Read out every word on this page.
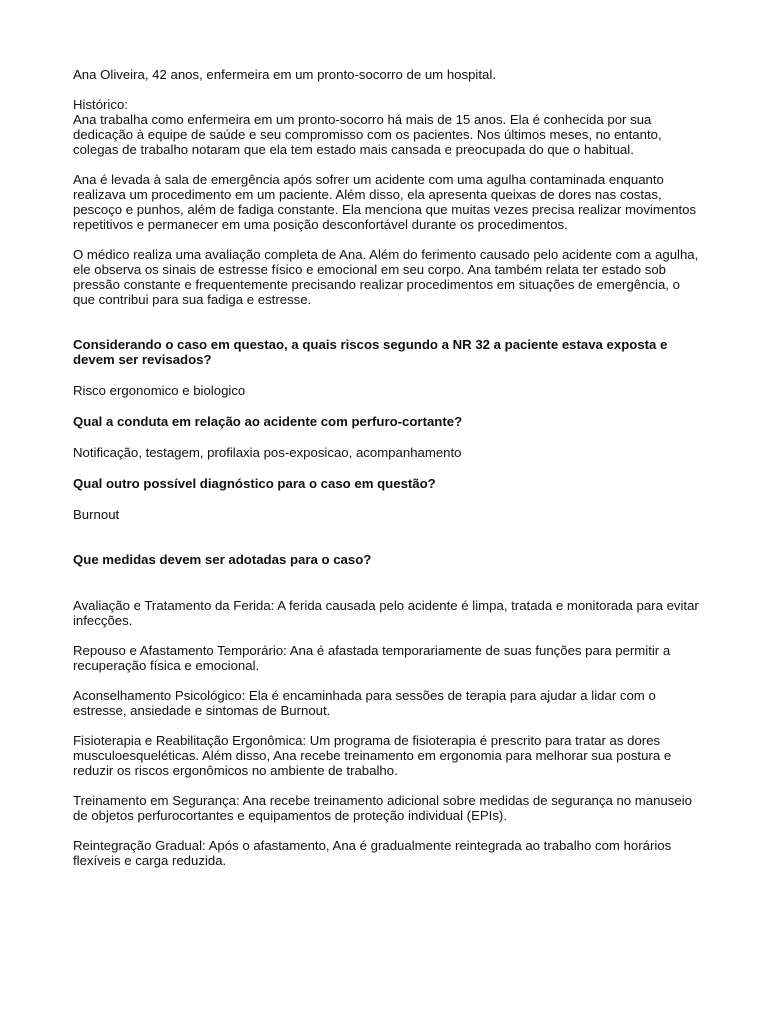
Ana Oliveira, 42 anos, enfermeira em um pronto-socorro de um hospital.

Histórico:

Ana trabalha como enfermeira em um pronto-socorro há mais de 15 anos. Ela é conhecida por sua dedicação à equipe de saúde e seu compromisso com os pacientes. Nos últimos meses, no entanto, colegas de trabalho notaram que ela tem estado mais cansada e preocupada do que o habitual.

Ana é levada à sala de emergência após sofrer um acidente com uma agulha contaminada enquanto realizava um procedimento em um paciente. Além disso, ela apresenta queixas de dores nas costas, pescoço e punhos, além de fadiga constante. Ela menciona que muitas vezes precisa realizar movimentos repetitivos e permanecer em uma posição desconfortável durante os procedimentos.

O médico realiza uma avaliação completa de Ana. Além do ferimento causado pelo acidente com a agulha, ele observa os sinais de estresse físico e emocional em seu corpo. Ana também relata ter estado sob pressão constante e frequentemente precisando realizar procedimentos em situações de emergência, o que contribui para sua fadiga e estresse.

Considerando o caso em questao, a quais riscos segundo a NR 32 a paciente estava exposta e devem ser revisados?

Risco ergonomico e biologico

Qual a conduta em relação ao acidente com perfuro-cortante?

Notificação, testagem, profilaxia pos-exposicao, acompanhamento

Qual outro possível diagnóstico para o caso em questão?

Burnout

Que medidas devem ser adotadas para o caso?

Avaliação e Tratamento da Ferida: A ferida causada pelo acidente é limpa, tratada e monitorada para evitar infecções.

Repouso e Afastamento Temporário: Ana é afastada temporariamente de suas funções para permitir a recuperação física e emocional.

Aconselhamento Psicológico: Ela é encaminhada para sessões de terapia para ajudar a lidar com o estresse, ansiedade e sintomas de Burnout.

Fisioterapia e Reabilitação Ergonômica: Um programa de fisioterapia é prescrito para tratar as dores musculoesqueléticas. Além disso, Ana recebe treinamento em ergonomia para melhorar sua postura e reduzir os riscos ergonômicos no ambiente de trabalho.

Treinamento em Segurança: Ana recebe treinamento adicional sobre medidas de segurança no manuseio de objetos perfurocortantes e equipamentos de proteção individual (EPIs).

Reintegração Gradual: Após o afastamento, Ana é gradualmente reintegrada ao trabalho com horários flexíveis e carga reduzida.
